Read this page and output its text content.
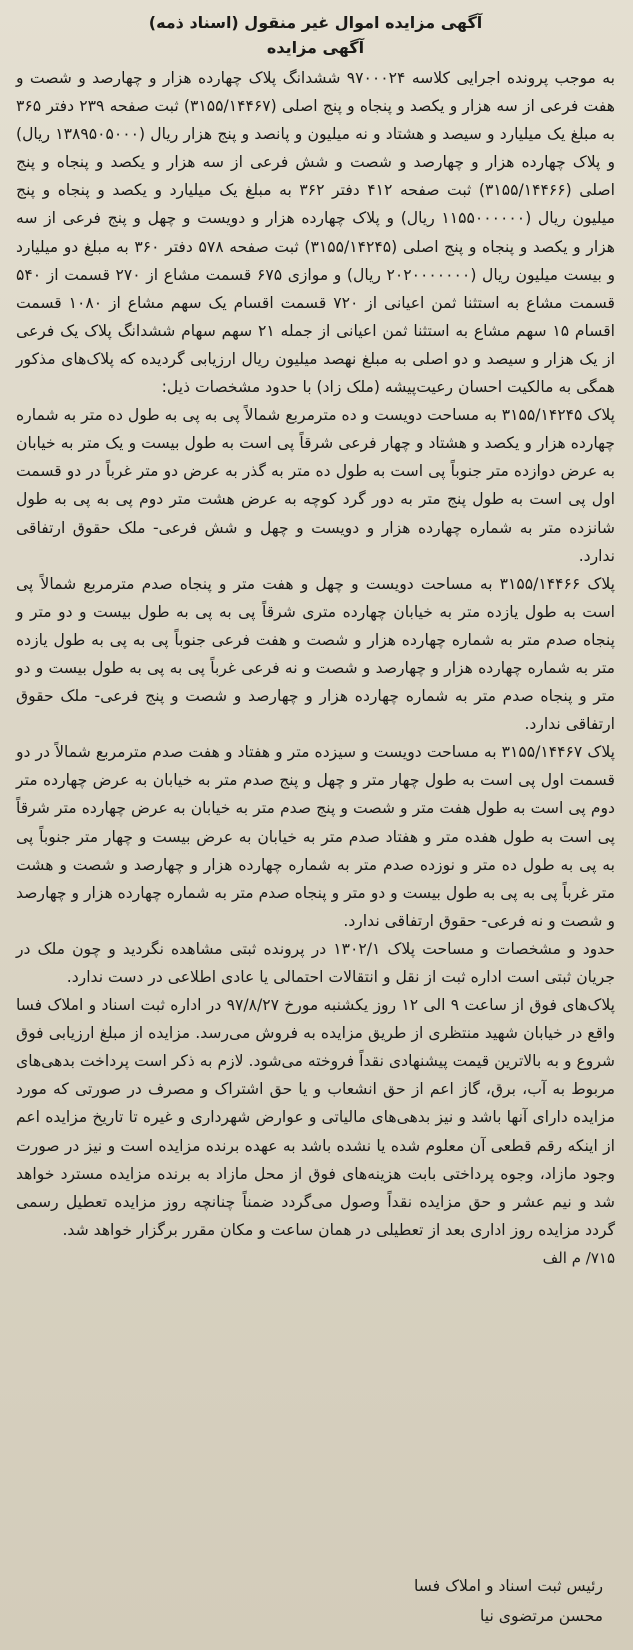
آگهی مزایده اموال غیر منقول (اسناد ذمه)
آگهی مزایده

به موجب پرونده اجرایی کلاسه ۹۷۰۰۰۲۴ ششدانگ پلاک چهارده هزار و چهارصد و شصت و هفت فرعی از سه هزار و یکصد و پنجاه و پنج اصلی (۳۱۵۵/۱۴۴۶۷) ثبت صفحه ۲۳۹ دفتر ۳۶۵ به مبلغ یک میلیارد و سیصد و هشتاد و نه میلیون و پانصد و پنج هزار ریال (۱۳۸۹۵۰۵۰۰۰ ریال) و پلاک چهارده هزار و چهارصد و شصت و شش فرعی از سه هزار و یکصد و پنجاه و پنج اصلی (۳۱۵۵/۱۴۴۶۶) ثبت صفحه ۴۱۲ دفتر ۳۶۲ به مبلغ یک میلیارد و یکصد و پنجاه و پنج میلیون ریال (۱۱۵۵۰۰۰۰۰۰ ریال) و پلاک چهارده هزار و دویست و چهل و پنج فرعی از سه هزار و یکصد و پنجاه و پنج اصلی (۳۱۵۵/۱۴۲۴۵) ثبت صفحه ۵۷۸ دفتر ۳۶۰ به مبلغ دو میلیارد و بیست میلیون ریال (۲۰۲۰۰۰۰۰۰۰ ریال) و موازی ۶۷۵ قسمت مشاع از ۲۷۰ قسمت از ۵۴۰ قسمت مشاع به استثنا ثمن اعیانی از ۷۲۰ قسمت اقسام یک سهم مشاع از ۱۰۸۰ قسمت اقسام ۱۵ سهم مشاع به استثنا ثمن اعیانی از جمله ۲۱ سهم سهام ششدانگ پلاک یک فرعی از یک هزار و سیصد و دو اصلی به مبلغ نهصد میلیون ریال ارزیابی گردیده که پلاک‌های مذکور همگی به مالکیت احسان رعیت‌پیشه (ملک زاد) با حدود مشخصات ذیل:

پلاک ۳۱۵۵/۱۴۲۴۵ به مساحت دویست و ده مترمربع شمالاً پی به پی به طول ده متر به شماره چهارده هزار و یکصد و هشتاد و چهار فرعی شرقاً پی است به طول بیست و یک متر به خیابان به عرض دوازده متر جنوباً پی است به طول ده متر به گذر به عرض دو متر غرباً در دو قسمت اول پی است به طول پنج متر به دور گرد کوچه به عرض هشت متر دوم پی به پی به طول شانزده متر به شماره چهارده هزار و دویست و چهل و شش فرعی- ملک حقوق ارتفاقی ندارد.

پلاک ۳۱۵۵/۱۴۴۶۶ به مساحت دویست و چهل و هفت متر و پنجاه صدم مترمربع شمالاً پی است به طول یازده متر به خیابان چهارده متری شرقاً پی به پی به طول بیست و دو متر و پنجاه صدم متر به شماره چهارده هزار و شصت و هفت فرعی جنوباً پی به پی به طول یازده متر به شماره چهارده هزار و چهارصد و شصت و نه فرعی غرباً پی به پی به طول بیست و دو متر و پنجاه صدم متر به شماره چهارده هزار و چهارصد و شصت و پنج فرعی- ملک حقوق ارتفاقی ندارد.

پلاک ۳۱۵۵/۱۴۴۶۷ به مساحت دویست و سیزده متر و هفتاد و هفت صدم مترمربع شمالاً در دو قسمت اول پی است به طول چهار متر و چهل و پنج صدم متر به خیابان به عرض چهارده متر دوم پی است به طول هفت متر و شصت و پنج صدم متر به خیابان به عرض چهارده متر شرقاً پی است به طول هفده متر و هفتاد صدم متر به خیابان به عرض بیست و چهار متر جنوباً پی به پی به طول ده متر و نوزده صدم متر به شماره چهارده هزار و چهارصد و شصت و هشت متر غرباً پی به پی به طول بیست و دو متر و پنجاه صدم متر به شماره چهارده هزار و چهارصد و شصت و نه فرعی- حقوق ارتفاقی ندارد.

حدود و مشخصات و مساحت پلاک ۱۳۰۲/۱ در پرونده ثبتی مشاهده نگردید و چون ملک در جریان ثبتی است اداره ثبت از نقل و انتقالات احتمالی یا عادی اطلاعی در دست ندارد.

پلاک‌های فوق از ساعت ۹ الی ۱۲ روز یکشنبه مورخ ۹۷/۸/۲۷ در اداره ثبت اسناد و املاک فسا واقع در خیابان شهید منتظری از طریق مزایده به فروش می‌رسد. مزایده از مبلغ ارزیابی فوق شروع و به بالاترین قیمت پیشنهادی نقداً فروخته می‌شود. لازم به ذکر است پرداخت بدهی‌های مربوط به آب، برق، گاز اعم از حق انشعاب و یا حق اشتراک و مصرف در صورتی که مورد مزایده دارای آنها باشد و نیز بدهی‌های مالیاتی و عوارض شهرداری و غیره تا تاریخ مزایده اعم از اینکه رقم قطعی آن معلوم شده یا نشده باشد به عهده برنده مزایده است و نیز در صورت وجود مازاد، وجوه پرداختی بابت هزینه‌های فوق از محل مازاد به برنده مزایده مسترد خواهد شد و نیم عشر و حق مزایده نقداً وصول می‌گردد ضمناً چنانچه روز مزایده تعطیل رسمی گردد مزایده روز اداری بعد از تعطیلی در همان ساعت و مکان مقرر برگزار خواهد شد.

۷۱۵/ م الف

رئیس ثبت اسناد و املاک فسا
محسن مرتضوی نیا
